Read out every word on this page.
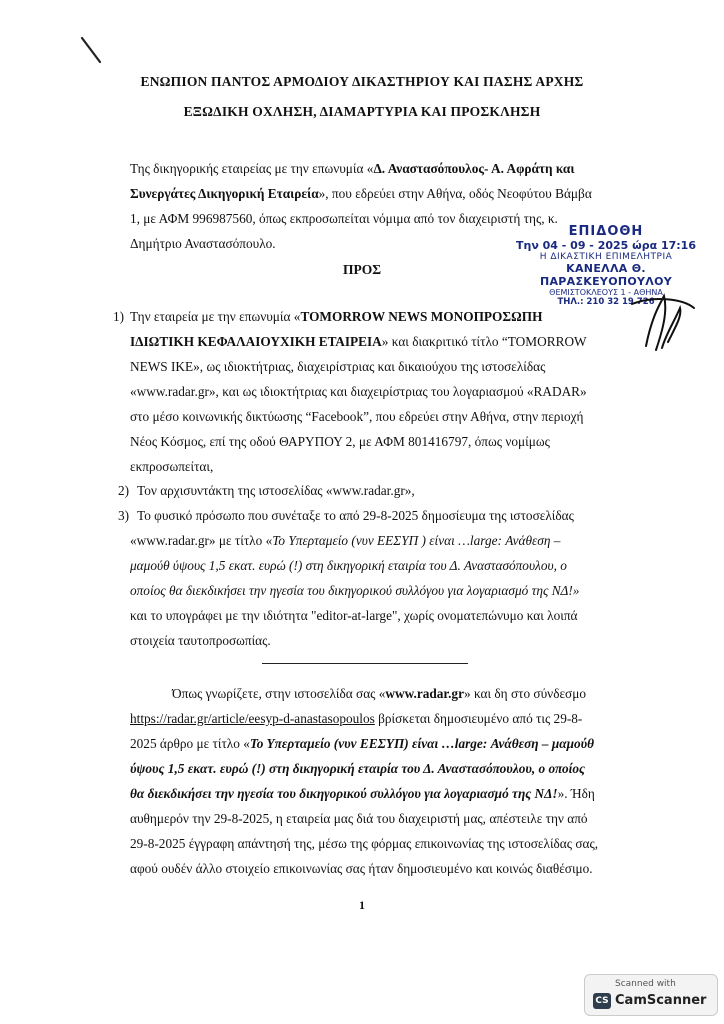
ΕΝΩΠΙΟΝ ΠΑΝΤΟΣ ΑΡΜΟΔΙΟΥ ΔΙΚΑΣΤΗΡΙΟΥ ΚΑΙ ΠΑΣΗΣ ΑΡΧΗΣ
ΕΞΩΔΙΚΗ ΟΧΛΗΣΗ, ΔΙΑΜΑΡΤΥΡΙΑ ΚΑΙ ΠΡΟΣΚΛΗΣΗ
Της δικηγορικής εταιρείας με την επωνυμία «Δ. Αναστασόπουλος- Α. Αφράτη και
Συνεργάτες Δικηγορική Εταιρεία», που εδρεύει στην Αθήνα, οδός Νεοφύτου Βάμβα
1, με ΑΦΜ 996987560, όπως εκπροσωπείται νόμιμα από τον διαχειριστή της, κ.
Δημήτριο Αναστασόπουλο.
ΠΡΟΣ
ΕΠΙΔΟΘΗ
Την 04 - 09 - 2025 ώρα 17:16
Η ΔΙΚΑΣΤΙΚΗ ΕΠΙΜΕΛΗΤΡΙΑ
ΚΑΝΕΛΛΑ Θ. ΠΑΡΑΣΚΕΥΟΠΟΥΛΟΥ
ΘΕΜΙΣΤΟΚΛΕΟΥΣ 1 - ΑΘΗΝΑ
ΤΗΛ.: 210 32 19 726
1) Την εταιρεία με την επωνυμία «TOMORROW NEWS ΜΟΝΟΠΡΟΣΩΠΗ
ΙΔΙΩΤΙΚΗ ΚΕΦΑΛΑΙΟΥΧΙΚΗ ΕΤΑΙΡΕΙΑ» και διακριτικό τίτλο “TOMORROW
NEWS ΙΚΕ», ως ιδιοκτήτριας, διαχειρίστριας και δικαιούχου της ιστοσελίδας
«www.radar.gr», και ως ιδιοκτήτριας και διαχειρίστριας του λογαριασμού «RADAR»
στο μέσο κοινωνικής δικτύωσης “Facebook”, που εδρεύει στην Αθήνα, στην περιοχή
Νέος Κόσμος, επί της οδού ΘΑΡΥΠΟΥ 2, με ΑΦΜ 801416797, όπως νομίμως
εκπροσωπείται,
2) Τον αρχισυντάκτη της ιστοσελίδας «www.radar.gr»,
3) Το φυσικό πρόσωπο που συνέταξε το από 29-8-2025 δημοσίευμα της ιστοσελίδας
«www.radar.gr» με τίτλο «Το Υπερταμείο (νυν ΕΕΣΥΠ ) είναι …large: Ανάθεση –
μαμούθ ύψους 1,5 εκατ. ευρώ (!) στη δικηγορική εταιρία του Δ. Αναστασόπουλου, ο
οποίος θα διεκδικήσει την ηγεσία του δικηγορικού συλλόγου για λογαριασμό της ΝΔ!»
και το υπογράφει με την ιδιότητα "editor-at-large", χωρίς ονοματεπώνυμο και λοιπά
στοιχεία ταυτοπροσωπίας.
Όπως γνωρίζετε, στην ιστοσελίδα σας «www.radar.gr» και δη στο σύνδεσμο
https://radar.gr/article/eesyp-d-anastasopoulos βρίσκεται δημοσιευμένο από τις 29-8-
2025 άρθρο με τίτλο «Το Υπερταμείο (νυν ΕΕΣΥΠ) είναι …large: Ανάθεση – μαμούθ
ύψους 1,5 εκατ. ευρώ (!) στη δικηγορική εταιρία του Δ. Αναστασόπουλου, ο οποίος
θα διεκδικήσει την ηγεσία του δικηγορικού συλλόγου για λογαριασμό της ΝΔ!». Ήδη
αυθημερόν την 29-8-2025, η εταιρεία μας διά του διαχειριστή μας, απέστειλε την από
29-8-2025 έγγραφη απάντησή της, μέσω της φόρμας επικοινωνίας της ιστοσελίδας σας,
αφού ουδέν άλλο στοιχείο επικοινωνίας σας ήταν δημοσιευμένο και κοινώς διαθέσιμο.
1
Scanned with
CS CamScanner
